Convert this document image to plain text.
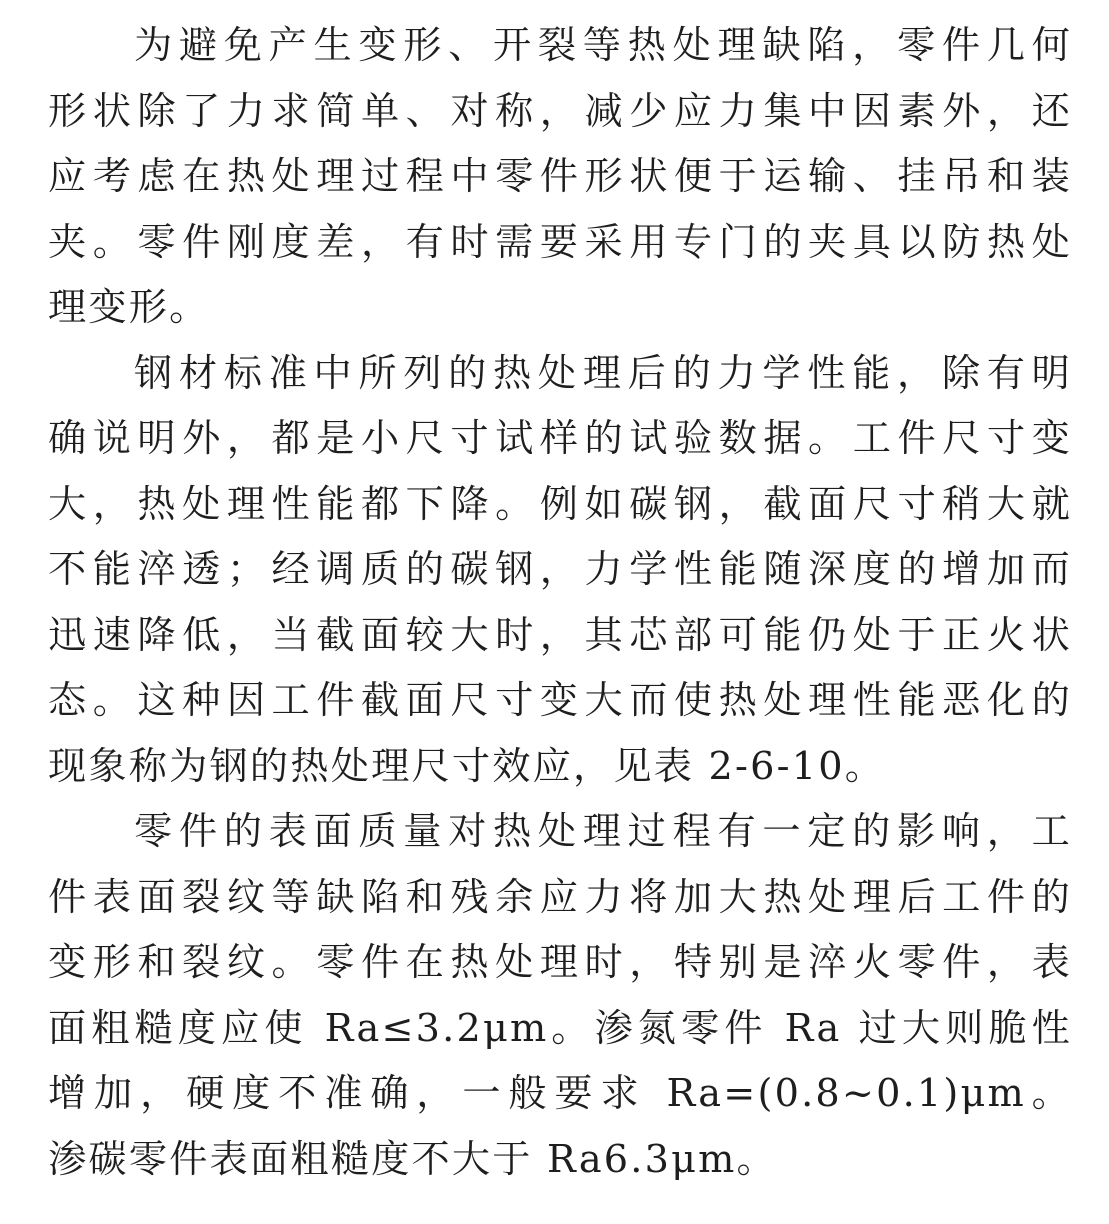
为避免产生变形、开裂等热处理缺陷，零件几何
形状除了力求简单、对称，减少应力集中因素外，还
应考虑在热处理过程中零件形状便于运输、挂吊和装
夹。零件刚度差，有时需要采用专门的夹具以防热处
理变形。
钢材标准中所列的热处理后的力学性能，除有明
确说明外，都是小尺寸试样的试验数据。工件尺寸变
大，热处理性能都下降。例如碳钢，截面尺寸稍大就
不能淬透；经调质的碳钢，力学性能随深度的增加而
迅速降低，当截面较大时，其芯部可能仍处于正火状
态。这种因工件截面尺寸变大而使热处理性能恶化的
现象称为钢的热处理尺寸效应，见表 2-6-10。
零件的表面质量对热处理过程有一定的影响，工
件表面裂纹等缺陷和残余应力将加大热处理后工件的
变形和裂纹。零件在热处理时，特别是淬火零件，表
面粗糙度应使 Ra≤3.2μm。渗氮零件 Ra 过大则脆性
增加，硬度不准确，一般要求 Ra=(0.8~0.1)μm。
渗碳零件表面粗糙度不大于 Ra6.3μm。
